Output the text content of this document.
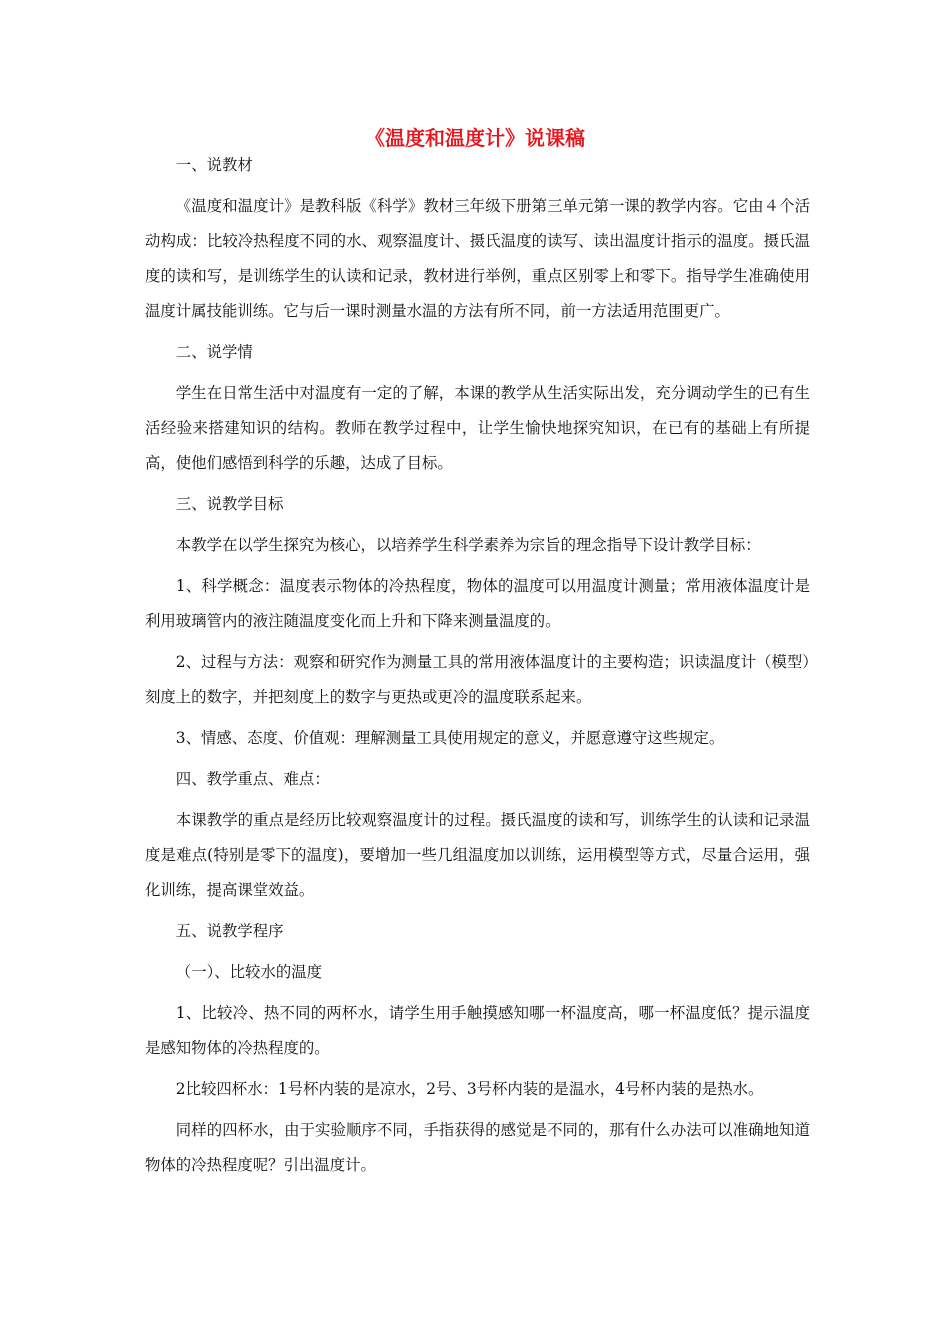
《温度和温度计》说课稿

一、说教材

《温度和温度计》是教科版《科学》教材三年级下册第三单元第一课的教学内容。它由４个活动构成：比较冷热程度不同的水、观察温度计、摄氏温度的读写、读出温度计指示的温度。摄氏温度的读和写，是训练学生的认读和记录，教材进行举例，重点区别零上和零下。指导学生准确使用温度计属技能训练。它与后一课时测量水温的方法有所不同，前一方法适用范围更广。

二、说学情

学生在日常生活中对温度有一定的了解，本课的教学从生活实际出发，充分调动学生的已有生活经验来搭建知识的结构。教师在教学过程中，让学生愉快地探究知识，在已有的基础上有所提高，使他们感悟到科学的乐趣，达成了目标。

三、说教学目标

本教学在以学生探究为核心，以培养学生科学素养为宗旨的理念指导下设计教学目标：

1、科学概念：温度表示物体的冷热程度，物体的温度可以用温度计测量；常用液体温度计是利用玻璃管内的液注随温度变化而上升和下降来测量温度的。

2、过程与方法：观察和研究作为测量工具的常用液体温度计的主要构造；识读温度计（模型）刻度上的数字，并把刻度上的数字与更热或更冷的温度联系起来。

3、情感、态度、价值观：理解测量工具使用规定的意义，并愿意遵守这些规定。

四、教学重点、难点：

本课教学的重点是经历比较观察温度计的过程。摄氏温度的读和写，训练学生的认读和记录温度是难点(特别是零下的温度)，要增加一些几组温度加以训练，运用模型等方式，尽量合运用，强化训练，提高课堂效益。

五、说教学程序

（一）、比较水的温度

1、比较冷、热不同的两杯水，请学生用手触摸感知哪一杯温度高，哪一杯温度低？提示温度是感知物体的冷热程度的。

2比较四杯水：1号杯内装的是凉水，2号、3号杯内装的是温水，4号杯内装的是热水。

同样的四杯水，由于实验顺序不同，手指获得的感觉是不同的，那有什么办法可以准确地知道物体的冷热程度呢？引出温度计。
